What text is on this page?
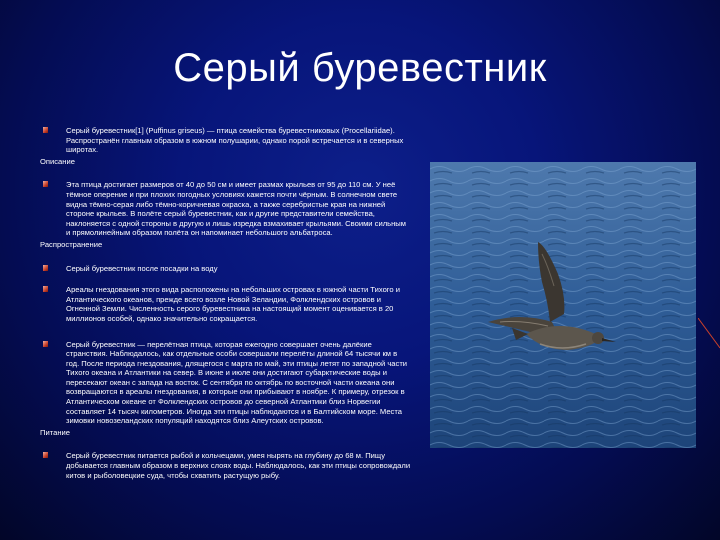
Серый буревестник
Серый буревестник[1] (Puffinus griseus) — птица семейства буревестниковых (Procellariidae). Распространён главным образом в южном полушарии, однако порой встречается и в северных широтах.
Описание
Эта птица достигает размеров от 40 до 50 см и имеет размах крыльев от 95 до 110 см. У неё тёмное оперение и при плохих погодных условиях кажется почти чёрным. В солнечном свете видна тёмно-серая либо тёмно-коричневая окраска, а также серебристые края на нижней стороне крыльев. В полёте серый буревестник, как и другие представители семейства, наклоняется с одной стороны в другую и лишь изредка взмахивает крыльями. Своими сильным и прямолинейным образом полёта он напоминает небольшого альбатроса.
Распространение
Серый буревестник после посадки на воду
Ареалы гнездования этого вида расположены на небольших островах в южной части Тихого и Атлантического океанов, прежде всего возле Новой Зеландии, Фолклендских островов и Огненной Земли. Численность серого буревестника на настоящий момент оценивается в 20 миллионов особей, однако значительно сокращается.
Серый буревестник — перелётная птица, которая ежегодно совершает очень далёкие странствия. Наблюдалось, как отдельные особи совершали перелёты длиной 64 тысячи км в год. После периода гнездования, длящегося с марта по май, эти птицы летят по западной части Тихого океана и Атлантики на север. В июне и июле они достигают субарктические воды и пересекают океан с запада на восток. С сентября по октябрь по восточной части океана они возвращаются в ареалы гнездования, в которые они прибывают в ноябре. К примеру, отрезок в Атлантическом океане от Фолклендских островов до северной Атлантики близ Норвегии составляет 14 тысяч километров. Иногда эти птицы наблюдаются и в Балтийском море. Места зимовки новозеландских популяций находятся близ Алеутских островов.
Питание
Серый буревестник питается рыбой и кольчецами, умея нырять на глубину до 68 м. Пищу добывается главным образом в верхних слоях воды. Наблюдалось, как эти птицы сопровождали китов и рыболовецкие суда, чтобы схватить растущую рыбу.
